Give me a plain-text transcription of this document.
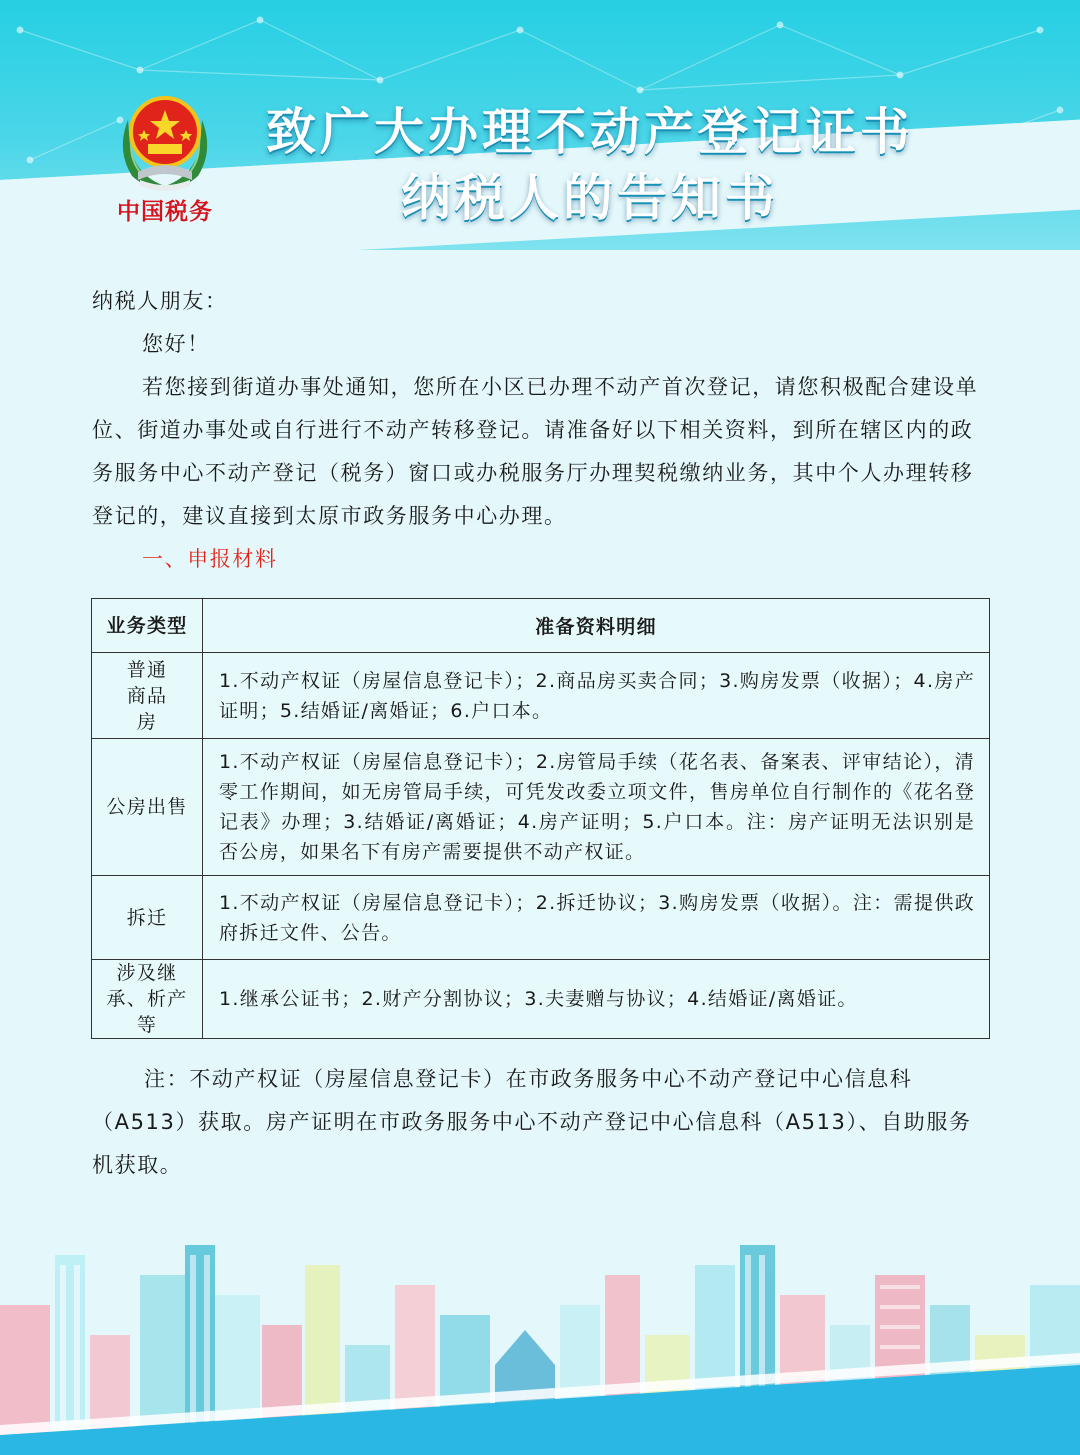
中国税务
致广大办理不动产登记证书
纳税人的告知书

纳税人朋友：

您好！

若您接到街道办事处通知，您所在小区已办理不动产首次登记，请您积极配合建设单位、街道办事处或自行进行不动产转移登记。请准备好以下相关资料，到所在辖区内的政务服务中心不动产登记（税务）窗口或办税服务厅办理契税缴纳业务，其中个人办理转移登记的，建议直接到太原市政务服务中心办理。

一、申报材料

业务类型	准备资料明细
普通商品房	1.不动产权证（房屋信息登记卡）；2.商品房买卖合同；3.购房发票（收据）；4.房产证明；5.结婚证/离婚证；6.户口本。
公房出售	1.不动产权证（房屋信息登记卡）；2.房管局手续（花名表、备案表、评审结论），清零工作期间，如无房管局手续，可凭发改委立项文件，售房单位自行制作的《花名登记表》办理；3.结婚证/离婚证；4.房产证明；5.户口本。注：房产证明无法识别是否公房，如果名下有房产需要提供不动产权证。
拆迁	1.不动产权证（房屋信息登记卡）；2.拆迁协议；3.购房发票（收据）。注：需提供政府拆迁文件、公告。
涉及继承、析产等	1.继承公证书；2.财产分割协议；3.夫妻赠与协议；4.结婚证/离婚证。
注：不动产权证（房屋信息登记卡）在市政务服务中心不动产登记中心信息科（A513）获取。房产证明在市政务服务中心不动产登记中心信息科（A513）、自助服务机获取。
